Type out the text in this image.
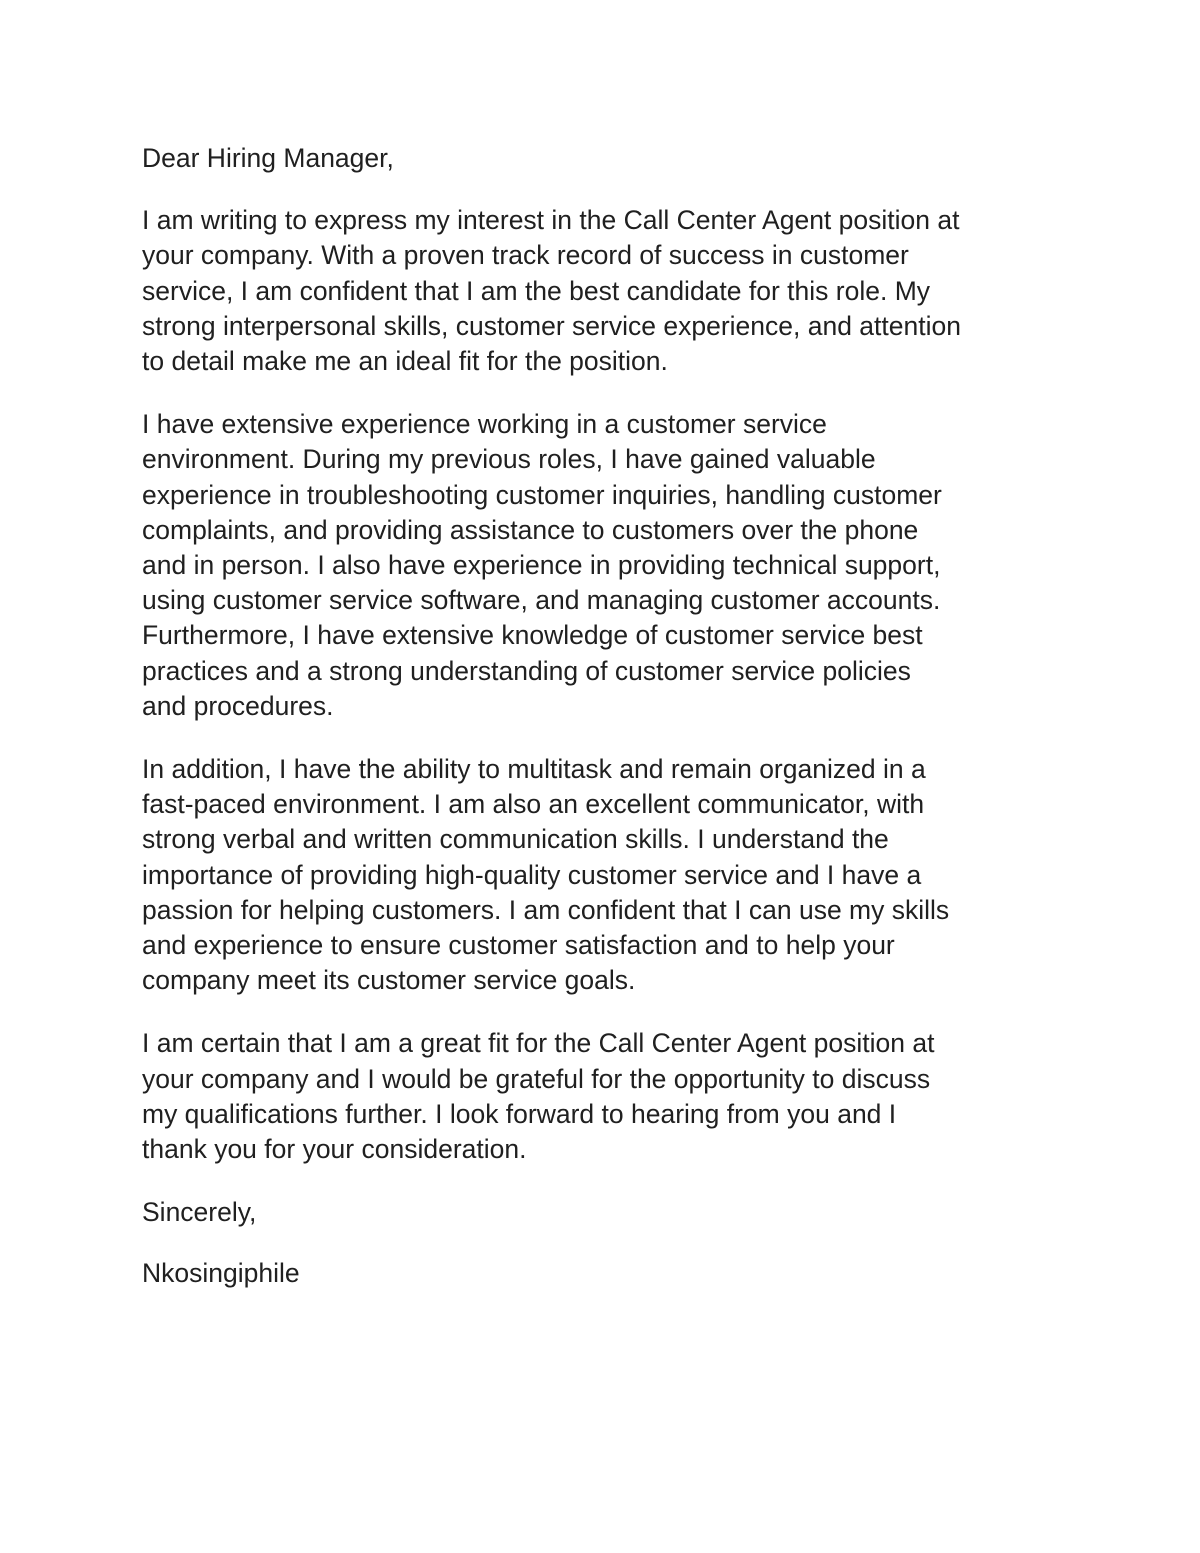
Dear Hiring Manager,

I am writing to express my interest in the Call Center Agent position at
your company. With a proven track record of success in customer
service, I am confident that I am the best candidate for this role. My
strong interpersonal skills, customer service experience, and attention
to detail make me an ideal fit for the position.

I have extensive experience working in a customer service
environment. During my previous roles, I have gained valuable
experience in troubleshooting customer inquiries, handling customer
complaints, and providing assistance to customers over the phone
and in person. I also have experience in providing technical support,
using customer service software, and managing customer accounts.
Furthermore, I have extensive knowledge of customer service best
practices and a strong understanding of customer service policies
and procedures.

In addition, I have the ability to multitask and remain organized in a
fast-paced environment. I am also an excellent communicator, with
strong verbal and written communication skills. I understand the
importance of providing high-quality customer service and I have a
passion for helping customers. I am confident that I can use my skills
and experience to ensure customer satisfaction and to help your
company meet its customer service goals.

I am certain that I am a great fit for the Call Center Agent position at
your company and I would be grateful for the opportunity to discuss
my qualifications further. I look forward to hearing from you and I
thank you for your consideration.

Sincerely,

Nkosingiphile
